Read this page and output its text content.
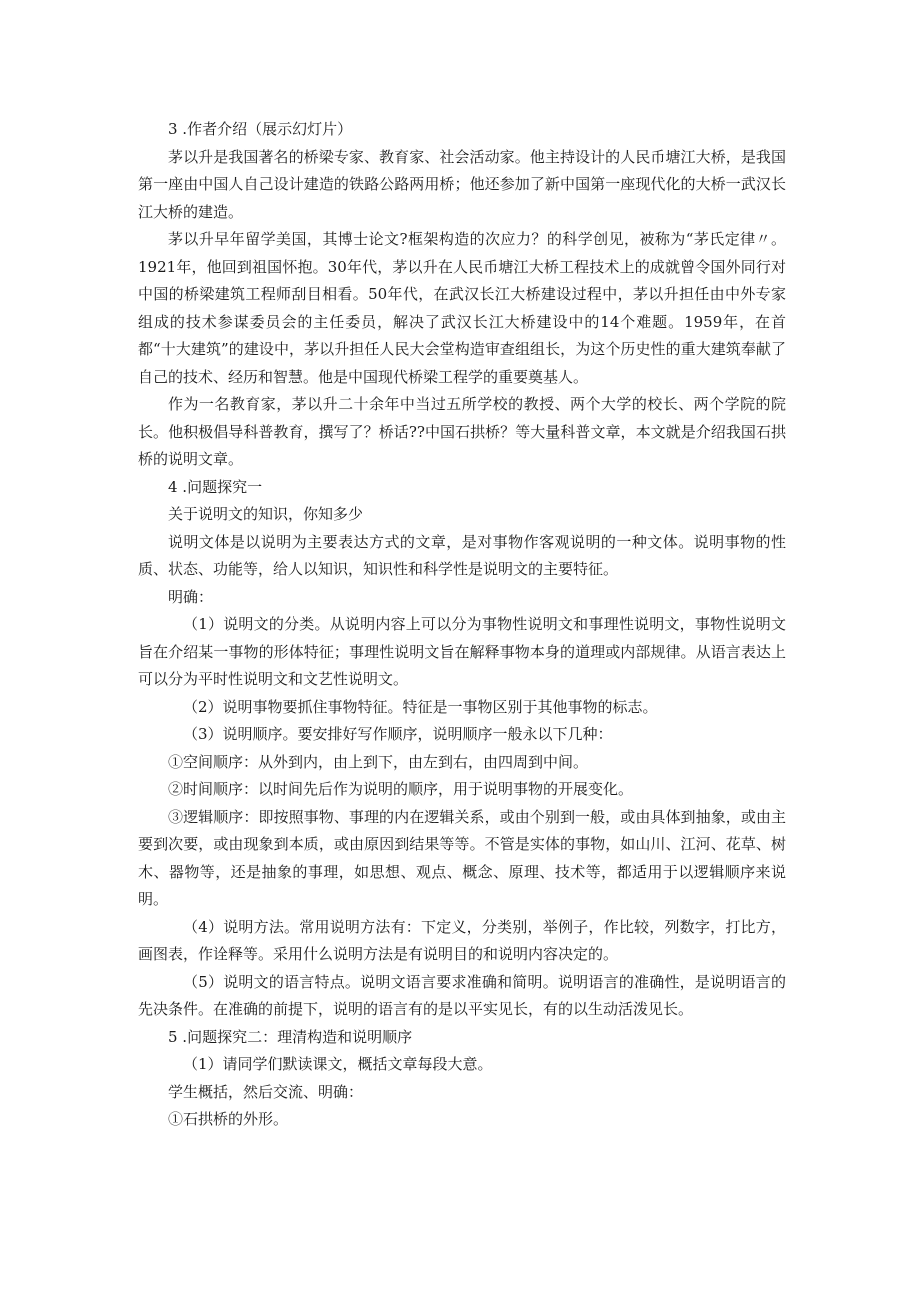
3 .作者介绍（展示幻灯片）

茅以升是我国著名的桥梁专家、教育家、社会活动家。他主持设计的人民币塘江大桥，是我国第一座由中国人自己设计建造的铁路公路两用桥；他还参加了新中国第一座现代化的大桥一武汉长江大桥的建造。

茅以升早年留学美国，其博士论文?框架构造的次应力？的科学创见，被称为“茅氏定律〃。1921年，他回到祖国怀抱。30年代，茅以升在人民币塘江大桥工程技术上的成就曾令国外同行对中国的桥梁建筑工程师刮目相看。50年代，在武汉长江大桥建设过程中，茅以升担任由中外专家组成的技术参谋委员会的主任委员，解决了武汉长江大桥建设中的14个难题。1959年，在首都“十大建筑”的建设中，茅以升担任人民大会堂构造审查组组长，为这个历史性的重大建筑奉献了自己的技术、经历和智慧。他是中国现代桥梁工程学的重要奠基人。

作为一名教育家，茅以升二十余年中当过五所学校的教授、两个大学的校长、两个学院的院长。他积极倡导科普教育，撰写了？桥话??中国石拱桥？等大量科普文章，本文就是介绍我国石拱桥的说明文章。

4 .问题探究一

关于说明文的知识，你知多少

说明文体是以说明为主要表达方式的文章，是对事物作客观说明的一种文体。说明事物的性质、状态、功能等，给人以知识，知识性和科学性是说明文的主要特征。

明确：

（1）说明文的分类。从说明内容上可以分为事物性说明文和事理性说明文，事物性说明文旨在介绍某一事物的形体特征；事理性说明文旨在解释事物本身的道理或内部规律。从语言表达上可以分为平时性说明文和文艺性说明文。

（2）说明事物要抓住事物特征。特征是一事物区别于其他事物的标志。

（3）说明顺序。要安排好写作顺序，说明顺序一般永以下几种：

①空间顺序：从外到内，由上到下，由左到右，由四周到中间。

②时间顺序：以时间先后作为说明的顺序，用于说明事物的开展变化。

③逻辑顺序：即按照事物、事理的内在逻辑关系，或由个别到一般，或由具体到抽象，或由主要到次要，或由现象到本质，或由原因到结果等等。不管是实体的事物，如山川、江河、花草、树木、器物等，还是抽象的事理，如思想、观点、概念、原理、技术等，都适用于以逻辑顺序来说明。

（4）说明方法。常用说明方法有：下定义，分类别，举例子，作比较，列数字，打比方，画图表，作诠释等。采用什么说明方法是有说明目的和说明内容决定的。

（5）说明文的语言特点。说明文语言要求准确和简明。说明语言的准确性，是说明语言的先决条件。在准确的前提下，说明的语言有的是以平实见长，有的以生动活泼见长。

5 .问题探究二：理清构造和说明顺序

（1）请同学们默读课文，概括文章每段大意。

学生概括，然后交流、明确：

①石拱桥的外形。
